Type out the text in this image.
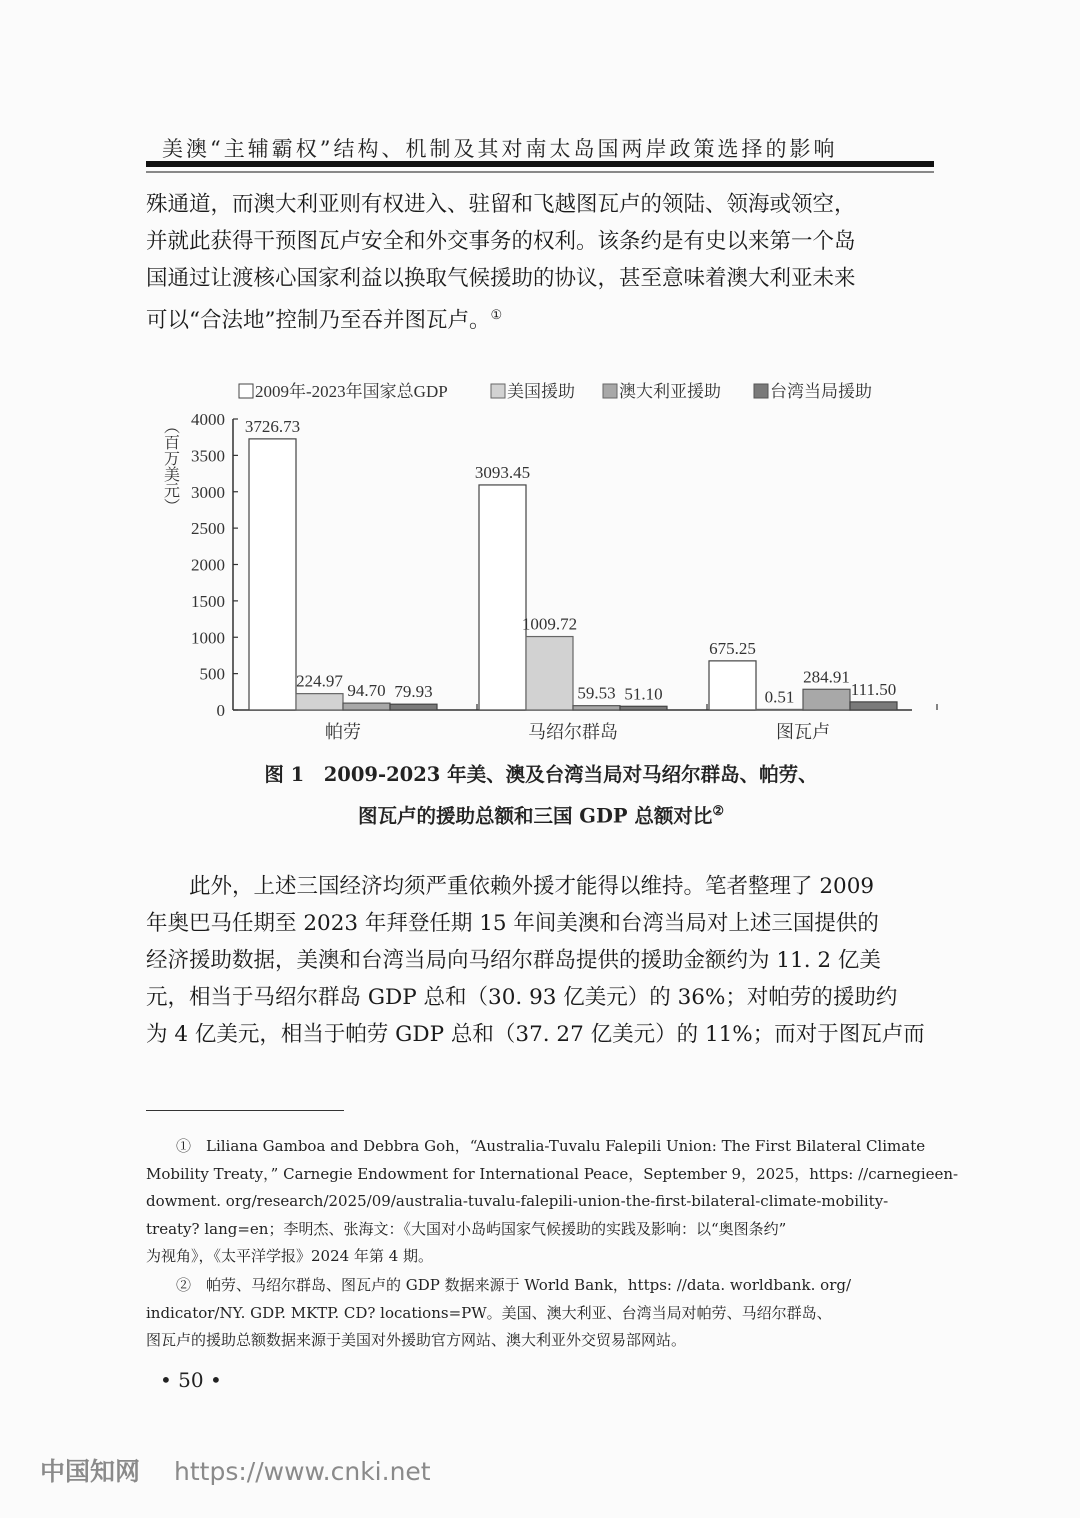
美澳“主辅霸权”结构、机制及其对南太岛国两岸政策选择的影响

殊通道，而澳大利亚则有权进入、驻留和飞越图瓦卢的领陆、领海或领空，

并就此获得干预图瓦卢安全和外交事务的权利。该条约是有史以来第一个岛

国通过让渡核心国家利益以换取气候援助的协议，甚至意味着澳大利亚未来

可以“合法地”控制乃至吞并图瓦卢。①

2009年-2023年国家总GDP	美国援助	澳大利亚援助	台湾当局援助
（百万美元）
0
500
1000
1500
2000
2500
3000
3500
4000 3726.73
224.97 94.70 79.93
3093.45
1009.72
59.53 51.10
675.25
0.51
284.91
111.50
帕劳	马绍尔群岛	图瓦卢
图 1　2009-2023 年美、澳及台湾当局对马绍尔群岛、帕劳、
图瓦卢的援助总额和三国 GDP 总额对比②

　　此外，上述三国经济均须严重依赖外援才能得以维持。笔者整理了 2009

年奥巴马任期至 2023 年拜登任期 15 年间美澳和台湾当局对上述三国提供的

经济援助数据，美澳和台湾当局向马绍尔群岛提供的援助金额约为 11. 2 亿美

元，相当于马绍尔群岛 GDP 总和（30. 93 亿美元）的 36%；对帕劳的援助约

为 4 亿美元，相当于帕劳 GDP 总和（37. 27 亿美元）的 11%；而对于图瓦卢而

　　①　Liliana Gamboa and Debbra Goh，“Australia-Tuvalu Falepili Union: The First Bilateral Climate

Mobility Treaty，” Carnegie Endowment for International Peace，September 9，2025，https: //carnegieen-

dowment. org/research/2025/09/australia-tuvalu-falepili-union-the-first-bilateral-climate-mobility-

treaty? lang=en；李明杰、张海文：《大国对小岛屿国家气候援助的实践及影响：以“奥图条约”

为视角》，《太平洋学报》2024 年第 4 期。

　　②　帕劳、马绍尔群岛、图瓦卢的 GDP 数据来源于 World Bank，https: //data. worldbank. org/

indicator/NY. GDP. MKTP. CD? locations=PW。美国、澳大利亚、台湾当局对帕劳、马绍尔群岛、

图瓦卢的援助总额数据来源于美国对外援助官方网站、澳大利亚外交贸易部网站。

• 50 •
中国知网 https://www.cnki.net
